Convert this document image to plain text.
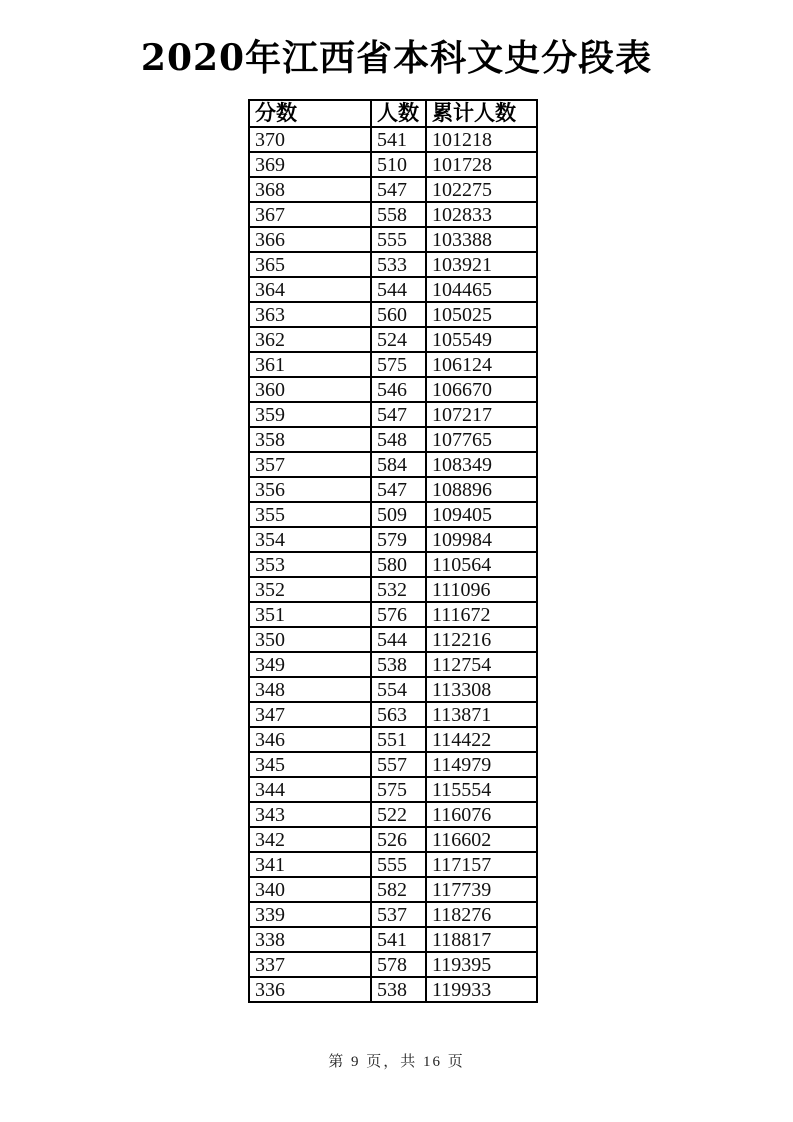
2020年江西省本科文史分段表
分数	人数	累计人数
370	541	101218
369	510	101728
368	547	102275
367	558	102833
366	555	103388
365	533	103921
364	544	104465
363	560	105025
362	524	105549
361	575	106124
360	546	106670
359	547	107217
358	548	107765
357	584	108349
356	547	108896
355	509	109405
354	579	109984
353	580	110564
352	532	111096
351	576	111672
350	544	112216
349	538	112754
348	554	113308
347	563	113871
346	551	114422
345	557	114979
344	575	115554
343	522	116076
342	526	116602
341	555	117157
340	582	117739
339	537	118276
338	541	118817
337	578	119395
336	538	119933
第 9 页，共 16 页
